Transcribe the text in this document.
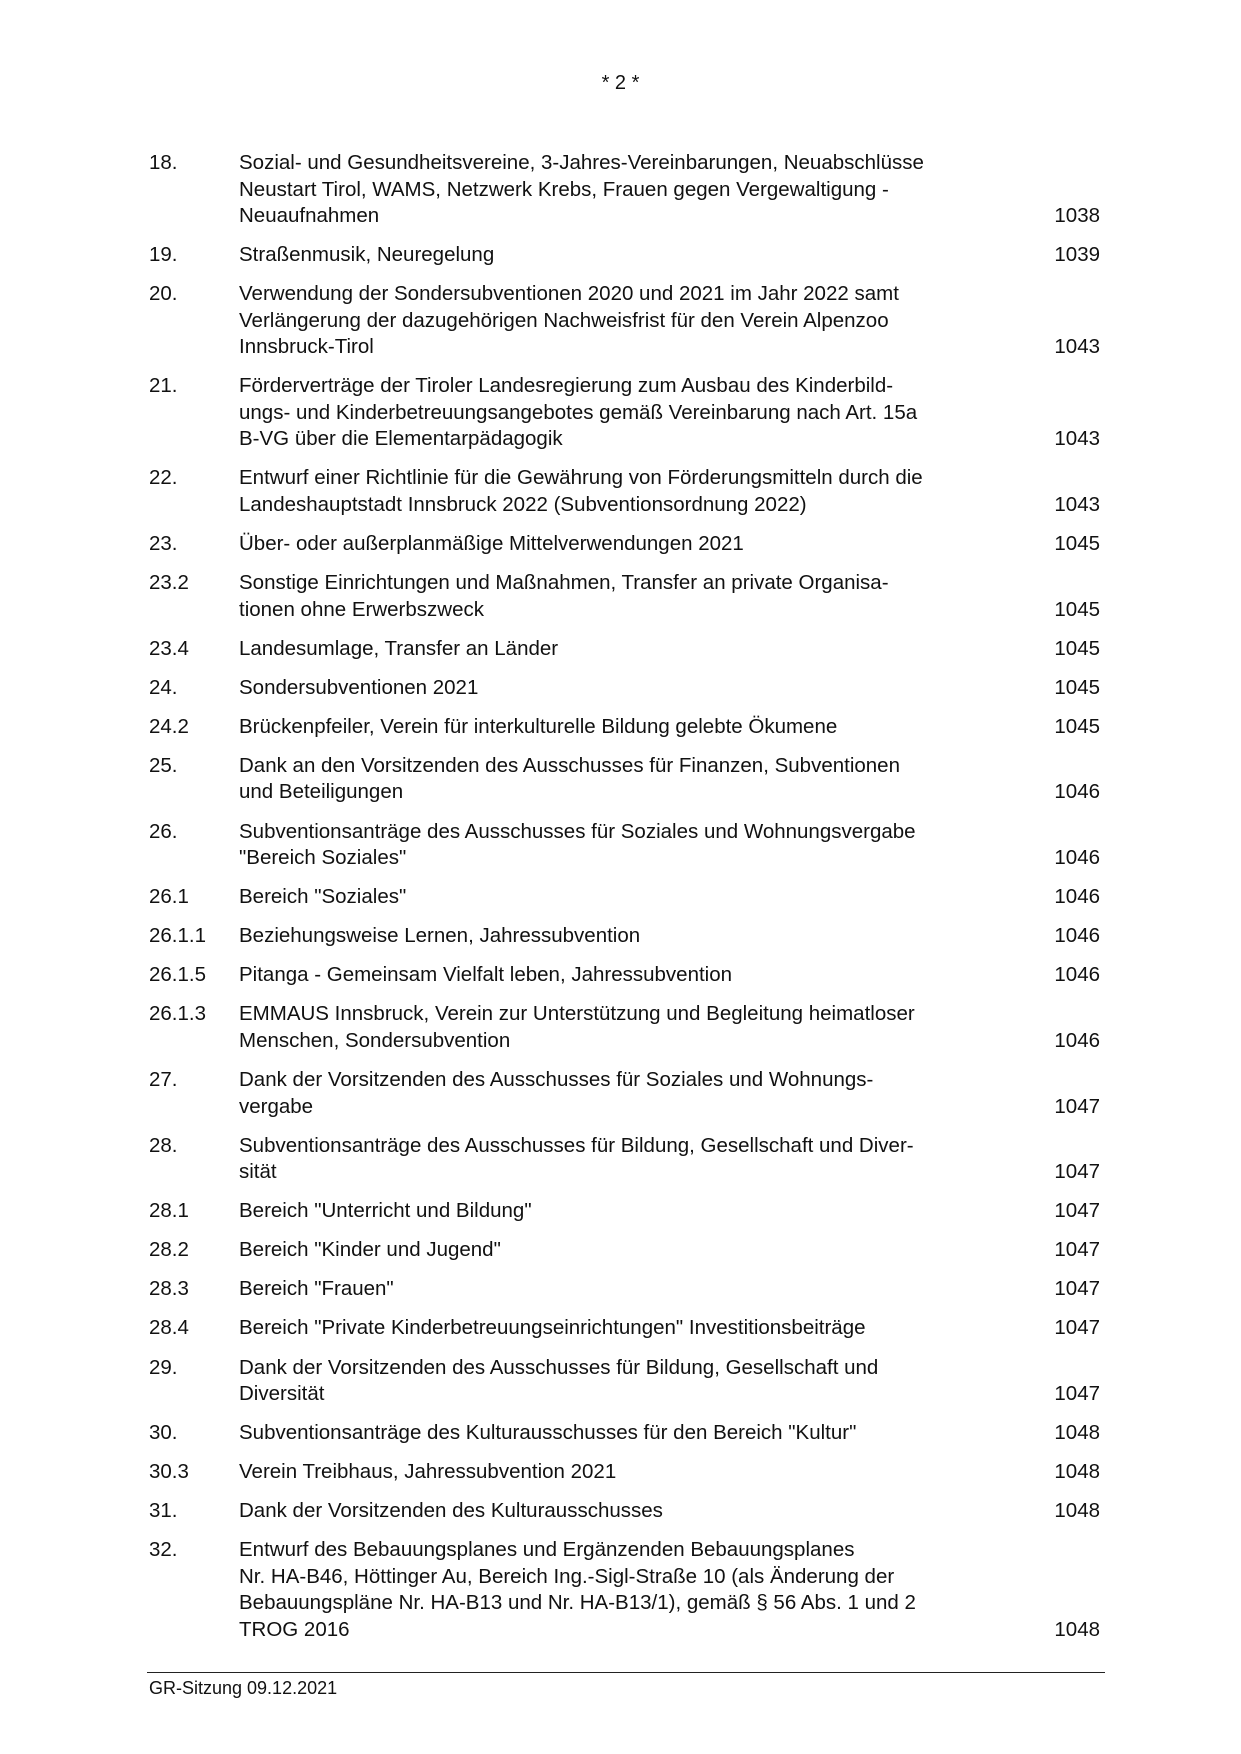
* 2 *
18.	Sozial- und Gesundheitsvereine, 3-Jahres-Vereinbarungen, Neuabschlüsse
Neustart Tirol, WAMS, Netzwerk Krebs, Frauen gegen Vergewaltigung -
Neuaufnahmen	1038
19.	Straßenmusik, Neuregelung	1039
20.	Verwendung der Sondersubventionen 2020 und 2021 im Jahr 2022 samt
Verlängerung der dazugehörigen Nachweisfrist für den Verein Alpenzoo
Innsbruck-Tirol	1043
21.	Förderverträge der Tiroler Landesregierung zum Ausbau des Kinderbild-
ungs- und Kinderbetreuungsangebotes gemäß Vereinbarung nach Art. 15a
B-VG über die Elementarpädagogik	1043
22.	Entwurf einer Richtlinie für die Gewährung von Förderungsmitteln durch die
Landeshauptstadt Innsbruck 2022 (Subventionsordnung 2022)	1043
23.	Über- oder außerplanmäßige Mittelverwendungen 2021	1045
23.2	Sonstige Einrichtungen und Maßnahmen, Transfer an private Organisa-
tionen ohne Erwerbszweck	1045
23.4	Landesumlage, Transfer an Länder	1045
24.	Sondersubventionen 2021	1045
24.2	Brückenpfeiler, Verein für interkulturelle Bildung gelebte Ökumene	1045
25.	Dank an den Vorsitzenden des Ausschusses für Finanzen, Subventionen
und Beteiligungen	1046
26.	Subventionsanträge des Ausschusses für Soziales und Wohnungsvergabe
"Bereich Soziales"	1046
26.1	Bereich "Soziales"	1046
26.1.1	Beziehungsweise Lernen, Jahressubvention	1046
26.1.5	Pitanga - Gemeinsam Vielfalt leben, Jahressubvention	1046
26.1.3	EMMAUS Innsbruck, Verein zur Unterstützung und Begleitung heimatloser
Menschen, Sondersubvention	1046
27.	Dank der Vorsitzenden des Ausschusses für Soziales und Wohnungs-
vergabe	1047
28.	Subventionsanträge des Ausschusses für Bildung, Gesellschaft und Diver-
sität	1047
28.1	Bereich "Unterricht und Bildung"	1047
28.2	Bereich "Kinder und Jugend"	1047
28.3	Bereich "Frauen"	1047
28.4	Bereich "Private Kinderbetreuungseinrichtungen" Investitionsbeiträge	1047
29.	Dank der Vorsitzenden des Ausschusses für Bildung, Gesellschaft und
Diversität	1047
30.	Subventionsanträge des Kulturausschusses für den Bereich "Kultur"	1048
30.3	Verein Treibhaus, Jahressubvention 2021	1048
31.	Dank der Vorsitzenden des Kulturausschusses	1048
32.	Entwurf des Bebauungsplanes und Ergänzenden Bebauungsplanes
Nr. HA-B46, Höttinger Au, Bereich Ing.-Sigl-Straße 10 (als Änderung der
Bebauungspläne Nr. HA-B13 und Nr. HA-B13/1), gemäß § 56 Abs. 1 und 2
TROG 2016	1048
GR-Sitzung 09.12.2021
